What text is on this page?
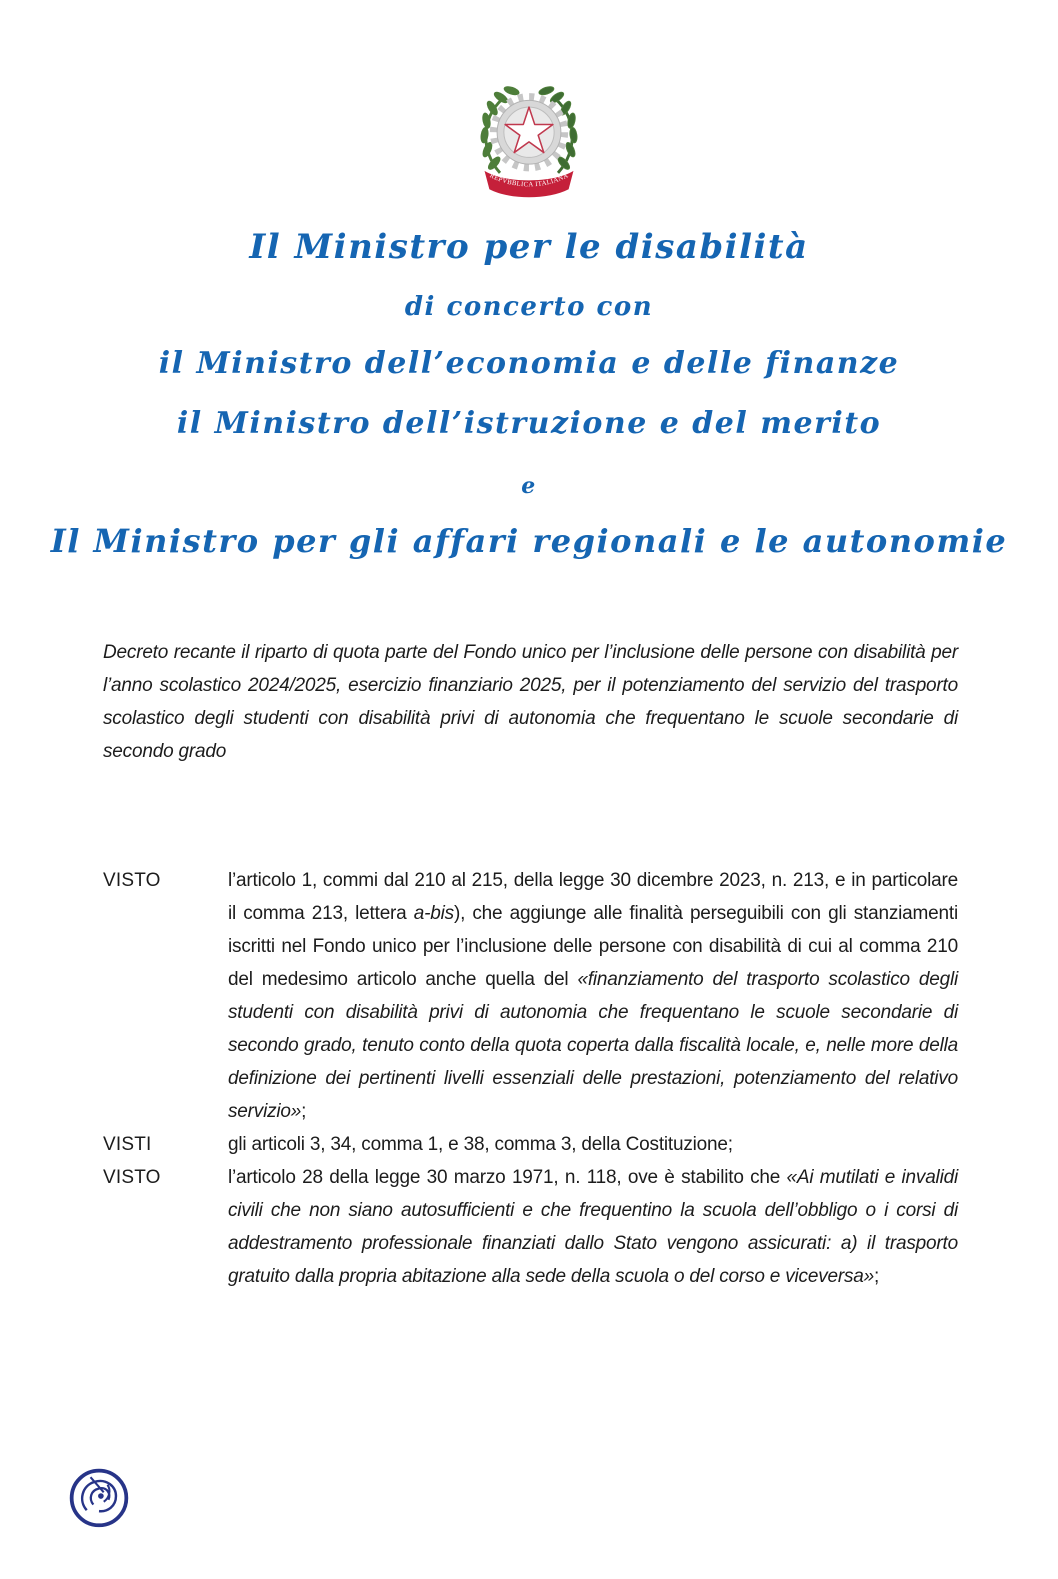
REPVBBLICA ITALIANA
Il Ministro per le disabilità
di concerto con
il Ministro dell’economia e delle finanze
il Ministro dell’istruzione e del merito
e
Il Ministro per gli affari regionali e le autonomie

Decreto recante il riparto di quota parte del Fondo unico per l’inclusione delle persone con disabilità per l’anno scolastico 2024/2025, esercizio finanziario 2025, per il potenziamento del servizio del trasporto scolastico degli studenti con disabilità privi di autonomia che frequentano le scuole secondarie di secondo grado

VISTO	l’articolo 1, commi dal 210 al 215, della legge 30 dicembre 2023, n. 213, e in particolare il comma 213, lettera a-bis), che aggiunge alle finalità perseguibili con gli stanziamenti iscritti nel Fondo unico per l’inclusione delle persone con disabilità di cui al comma 210 del medesimo articolo anche quella del «finanziamento del trasporto scolastico degli studenti con disabilità privi di autonomia che frequentano le scuole secondarie di secondo grado, tenuto conto della quota coperta dalla fiscalità locale, e, nelle more della definizione dei pertinenti livelli essenziali delle prestazioni, potenziamento del relativo servizio»;
VISTI	gli articoli 3, 34, comma 1, e 38, comma 3, della Costituzione;
VISTO	l’articolo 28 della legge 30 marzo 1971, n. 118, ove è stabilito che «Ai mutilati e invalidi civili che non siano autosufficienti e che frequentino la scuola dell’obbligo o i corsi di addestramento professionale finanziati dallo Stato vengono assicurati: a) il trasporto gratuito dalla propria abitazione alla sede della scuola o del corso e viceversa»;
